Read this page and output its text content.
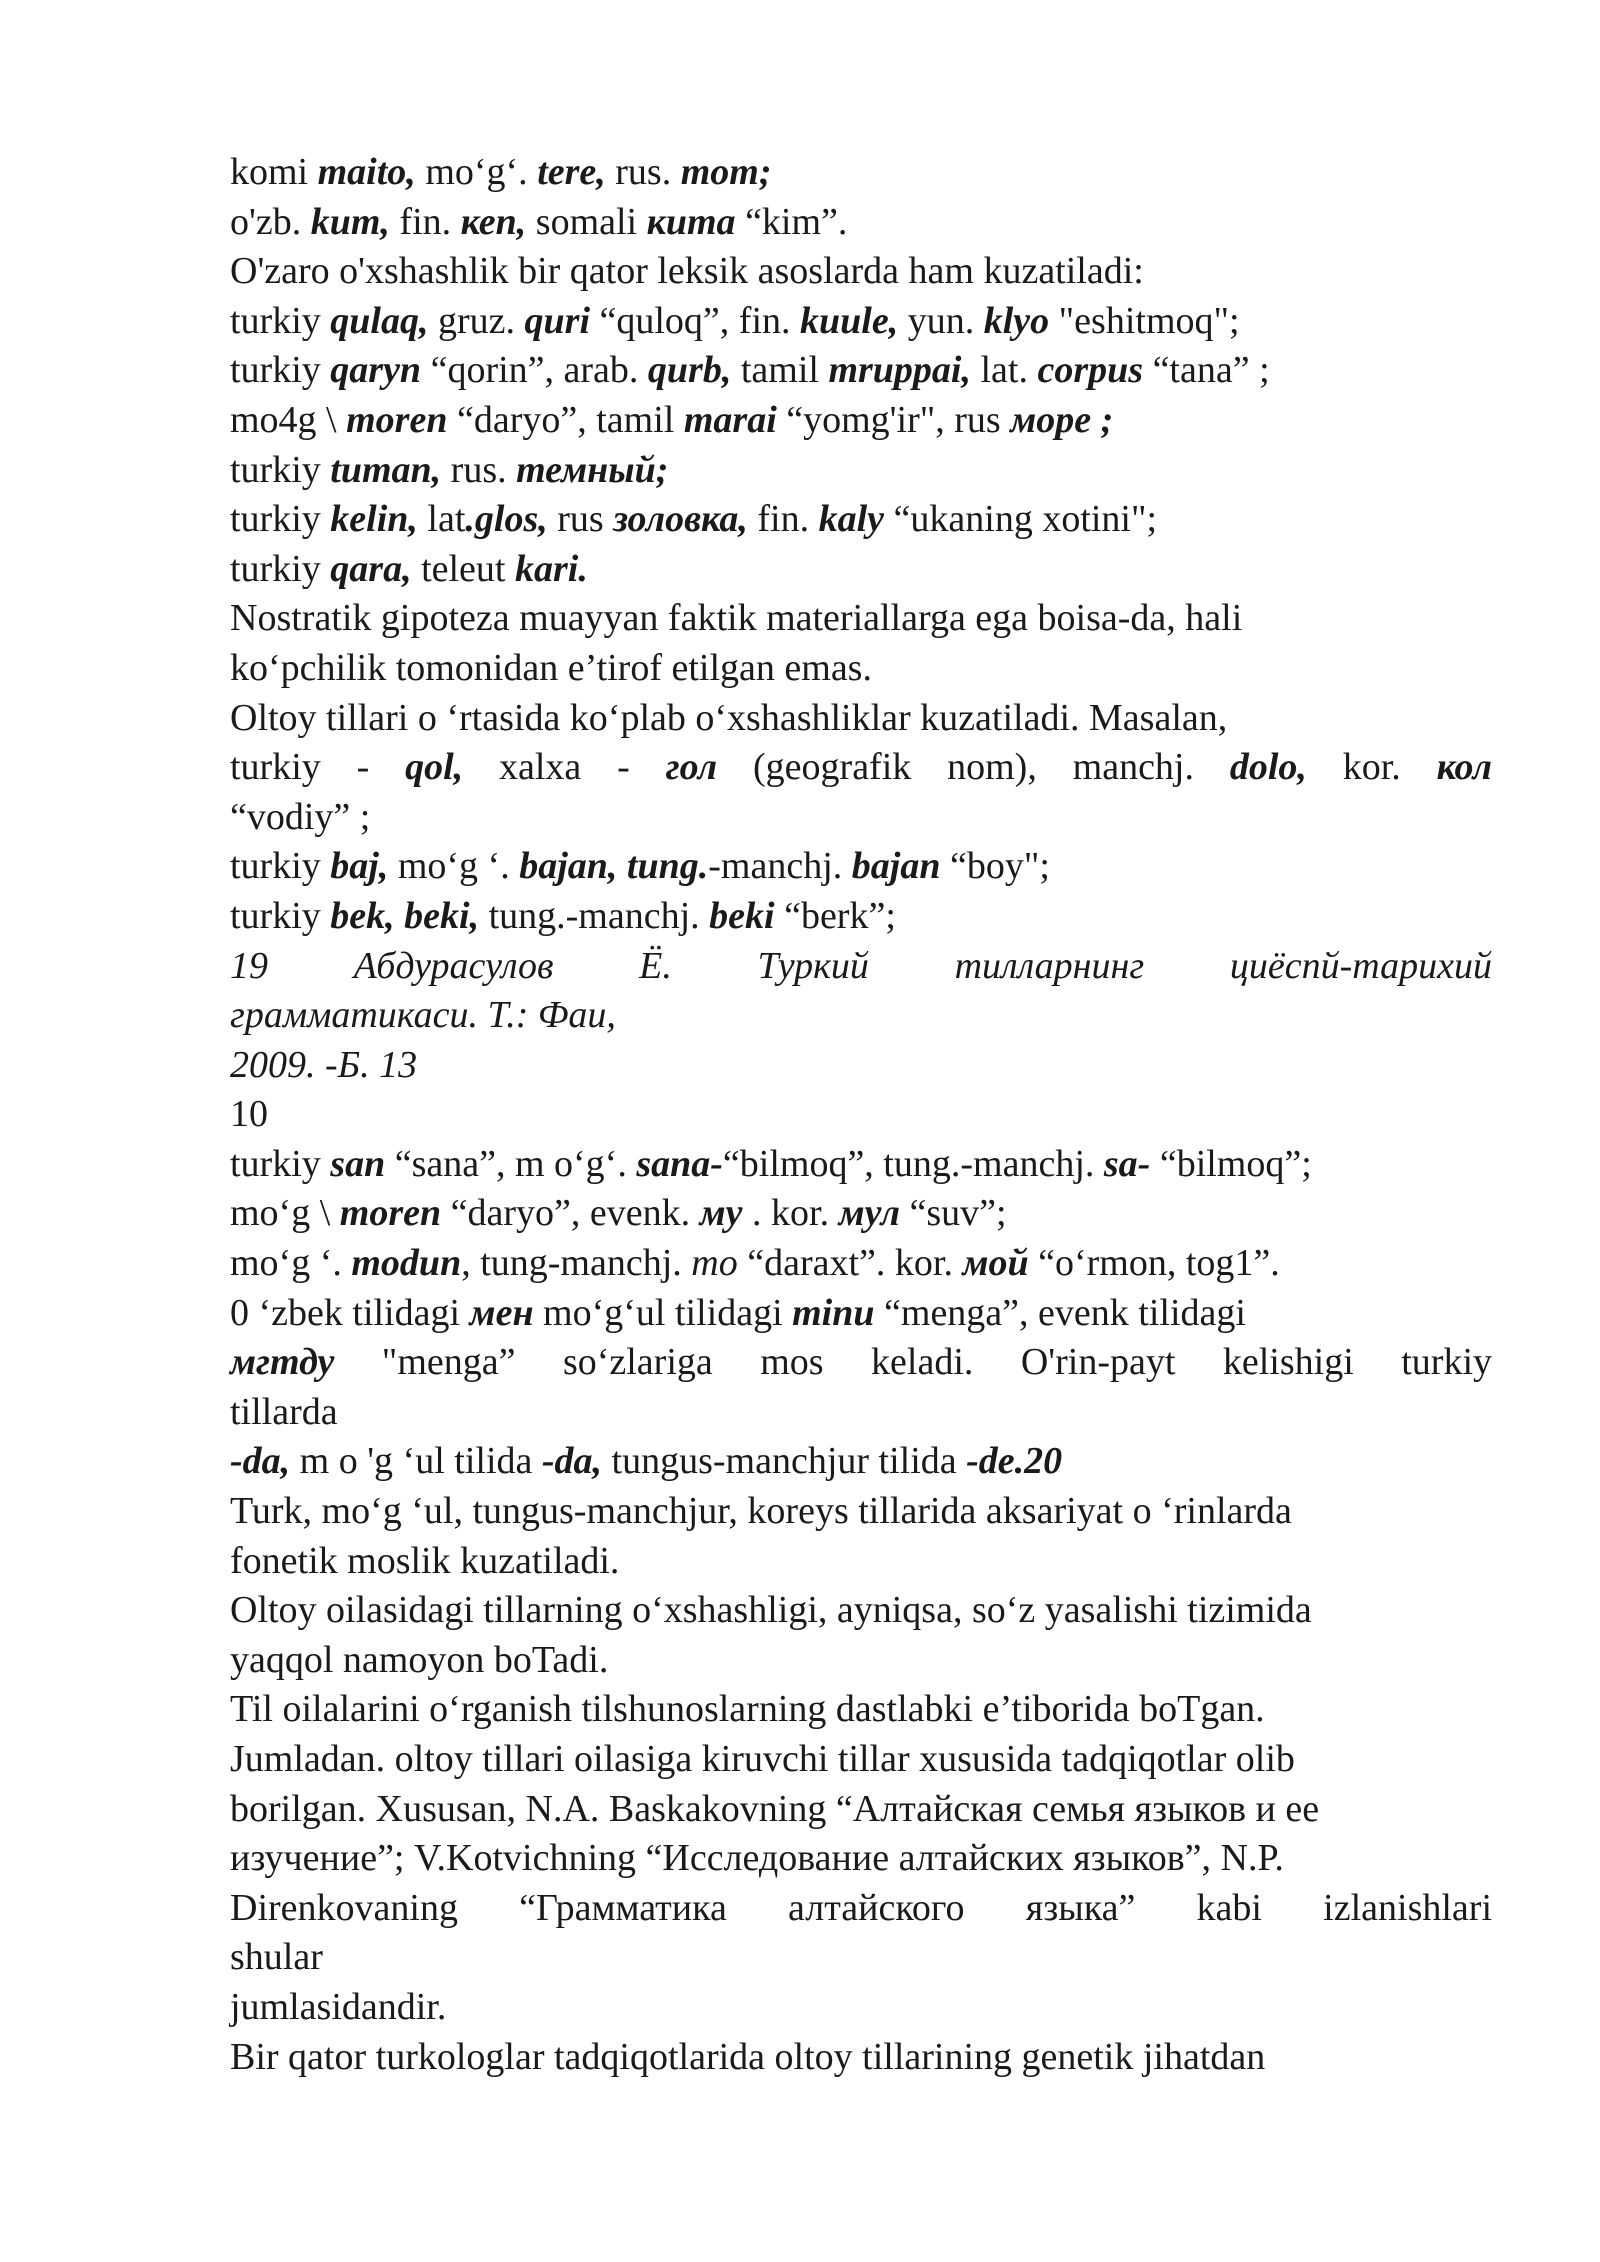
komi maito, mo‘g‘. tere, rus. mom;
o'zb. kum, fin. кеп, somali кита “kim”.
O'zaro o'xshashlik bir qator leksik asoslarda ham kuzatiladi:
turkiy qulaq, gruz. quri “quloq”, fin. kuule, yun. klyo "eshitmoq";
turkiy qaryn “qorin”, arab. qurb, tamil mruppai, lat. corpus “tana” ;
mo4g \ moren “daryo”, tamil marai “yomg'ir", rus море ;
turkiy tuman, rus. темный;
turkiy kelin, lat.glos, rus золовка, fin. kaly “ukaning xotini";
turkiy qara, teleut kari.
Nostratik gipoteza muayyan faktik materiallarga ega boisa-da, hali
ko‘pchilik tomonidan e’tirof etilgan emas.
Oltoy tillari o ‘rtasida ko‘plab o‘xshashliklar kuzatiladi. Masalan,
turkiy - qol, xalxa - гол (geografik nom), manchj. dolo, kor. кол
“vodiy” ;
turkiy baj, mo‘g ‘. bajan, tung.-manchj. bajan “boy";
turkiy bek, beki, tung.-manchj. beki “berk”;
19 Абдурасулов Ё. Туркий тилларнинг циёспй-тарихий
грамматикаси. Т.: Фаи,
2009. -Б. 13
10
turkiy san “sana”, m o‘g‘. sana-“bilmoq”, tung.-manchj. sa- “bilmoq”;
mo‘g \ moren “daryo”, evenk. му . kor. мул “suv”;
mo‘g ‘. modun, tung-manchj. то “daraxt”. kor. мой “o‘rmon, tog1”.
0 ‘zbek tilidagi мен mo‘g‘ul tilidagi minu “menga”, evenk tilidagi
мгтду "menga” so‘zlariga mos keladi. O'rin-payt kelishigi turkiy
tillarda
-da, m o 'g ‘ul tilida -da, tungus-manchjur tilida -de.20
Turk, mo‘g ‘ul, tungus-manchjur, koreys tillarida aksariyat o ‘rinlarda
fonetik moslik kuzatiladi.
Oltoy oilasidagi tillarning o‘xshashligi, ayniqsa, so‘z yasalishi tizimida
yaqqol namoyon boTadi.
Til oilalarini o‘rganish tilshunoslarning dastlabki e’tiborida boTgan.
Jumladan. oltoy tillari oilasiga kiruvchi tillar xususida tadqiqotlar olib
borilgan. Xususan, N.A. Baskakovning “Алтайская семья языков и ее
изучение”; V.Kotvichning “Исследование алтайских языков”, N.P.
Direnkovaning “Грамматика алтайского языка” kabi izlanishlari
shular
jumlasidandir.
Bir qator turkologlar tadqiqotlarida oltoy tillarining genetik jihatdan
